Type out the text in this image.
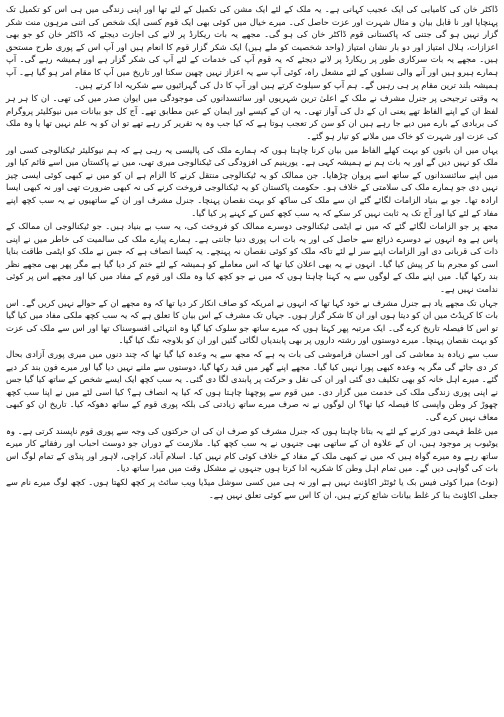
ڈاکٹر خان کی کامیابی کی ایک عجیب کہانی ہے۔ یہ ملک کے لئے ایک مشن کی تکمیل کے لئے تھا اور اپنی زندگی میں ہی اس کو تکمیل تک پہنچایا اور نا قابل بیان و مثال شہرت اور عزت حاصل کی۔ میرے خیال میں کوئی بھی ایک قوم کسی ایک شخص کی اتنی مرہون منت شکر گزار نہیں ہو گی جتنی کہ پاکستانی قوم ڈاکٹر خان کی ہو گی۔ مجھے یہ بات ریکارڈ پر لانے کی اجازت دیجئے کہ ڈاکٹر خان کو جو بھی اعزازات، ہلال امتیاز اور دو بار نشان امتیاز (واحد شخصیت کو ملے ہیں) ایک شکر گزار قوم کا انعام ہیں اور آپ اس کے پوری طرح مستحق ہیں۔ مجھے یہ بات سرکاری طور پر ریکارڈ پر لانے دیجئے کہ یہ قوم آپ کی خدمات کے لئے آپ کی شکر گزار ہے اور ہمیشہ رہے گی۔ آپ ہمارے ہیرو ہیں اور آنے والی نسلوں کے لئے مشعل راہ، کوئی آپ سے یہ اعزاز نہیں چھین سکتا اور تاریخ میں آپ کا مقام امر ہو گیا ہے۔ آپ ہمیشہ بلند ترین مقام پر ہی رہیں گے۔ ہم آپ کو سیلوٹ کرتے ہیں اور آپ کا دل کی گہرائیوں سے شکریہ ادا کرتے ہیں۔

یہ وقتی ترجیحی پر جنرل مشرف نے ملک کے اعلیٰ ترین شہریوں اور سائنسدانوں کی موجودگی میں ایوان صدر میں کی تھی۔ ان کا ہر ہر لفظ ان کے اپنے الفاظ تھے یعنی ان کے دل کی آواز تھی۔ یہ ان کے کیسے اور ایمان کے عین مطابق تھے۔ آج کل جو بیانات میں نیوکلیئر پروگرام کی بربادی کے بارے میں دیے جا رہے ہیں ان کو سن کر تعجب ہوتا ہے کہ کیا جب وہ یہ تقریر کر رہے تھے تو ان کو یہ علم نہیں تھا یا وہ ملک کی عزت اور شہرت کو خاک میں ملانے کو تیار ہو گئے۔

یہاں میں ان باتوں کو بہت کھلے الفاظ میں بیان کرنا چاہتا ہوں کہ ہمارے ملک کی پالیسی یہ رہی ہے کہ ہم نیوکلیئر ٹیکنالوجی کسی اور ملک کو نہیں دیں گے اور یہ بات ہم نے ہمیشہ کہی ہے۔ یورینیم کی افزودگی کی ٹیکنالوجی میری تھی، میں نے پاکستان میں اسے قائم کیا اور میں اپنے سائنسدانوں کے ساتھ اسے پروان چڑھایا۔ جن ممالک کو یہ ٹیکنالوجی منتقل کرنے کا الزام ہے ان کو میں نے کبھی کوئی ایسی چیز نہیں دی جو ہمارے ملک کی سلامتی کے خلاف ہو۔ حکومت پاکستان کو یہ ٹیکنالوجی فروخت کرنے کی نہ کبھی ضرورت تھی اور نہ کبھی ایسا ارادہ تھا۔ جو بے بنیاد الزامات لگائے گئے ان سے ملک کی ساکھ کو بہت نقصان پہنچا۔ جنرل مشرف اور ان کے ساتھیوں نے یہ سب کچھ اپنے مفاد کے لئے کیا اور آج تک یہ ثابت نہیں کر سکے کہ یہ سب کچھ کس کے کہنے پر کیا گیا۔

مجھ پر جو الزامات لگائے گئے کہ میں نے ایٹمی ٹیکنالوجی دوسرے ممالک کو فروخت کی، یہ سب بے بنیاد ہیں۔ جو ٹیکنالوجی ان ممالک کے پاس ہے وہ انہوں نے دوسرے ذرائع سے حاصل کی اور یہ بات اب پوری دنیا جانتی ہے۔ ہمارے پیارے ملک کی سالمیت کی خاطر میں نے اپنی ذات کی قربانی دی اور الزامات اپنے سر لے لئے تاکہ ملک کو کوئی نقصان نہ پہنچے۔ یہ کیسا انصاف ہے کہ جس نے ملک کو ایٹمی طاقت بنایا اسی کو مجرم بنا کر پیش کیا گیا۔ انہوں نے یہ بھی اعلان کیا تھا کہ اس معاملے کو ہمیشہ کے لئے ختم کر دیا گیا ہے مگر پھر بھی مجھے نظر بند رکھا گیا۔ میں اپنے ملک کے لوگوں سے یہ کہنا چاہتا ہوں کہ میں نے جو کچھ کیا وہ ملک اور قوم کے مفاد میں کیا اور مجھے اس پر کوئی ندامت نہیں ہے۔

جہاں تک مجھے یاد ہے جنرل مشرف نے خود کہا تھا کہ انہوں نے امریکہ کو صاف انکار کر دیا تھا کہ وہ مجھے ان کے حوالے نہیں کریں گے۔ اس بات کا کریڈٹ میں ان کو دیتا ہوں اور ان کا شکر گزار ہوں۔ جہاں تک مشرف کے اس بیان کا تعلق ہے کہ یہ سب کچھ ملکی مفاد میں کیا گیا تو اس کا فیصلہ تاریخ کرے گی۔ ایک مرتبہ پھر کہتا ہوں کہ میرے ساتھ جو سلوک کیا گیا وہ انتہائی افسوسناک تھا اور اس سے ملک کی عزت کو بہت نقصان پہنچا۔ میرے دوستوں اور رشتہ داروں پر بھی پابندیاں لگائی گئیں اور ان کو بلاوجہ تنگ کیا گیا۔

سب سے زیادہ بد معاشی کی اور احسان فراموشی کی بات یہ ہے کہ مجھ سے یہ وعدہ کیا گیا تھا کہ چند دنوں میں میری پوری آزادی بحال کر دی جائے گی مگر یہ وعدہ کبھی پورا نہیں کیا گیا۔ مجھے اپنے گھر میں قید رکھا گیا، دوستوں سے ملنے نہیں دیا گیا اور میرے فون بند کر دیے گئے۔ میرے اہل خانہ کو بھی تکلیف دی گئی اور ان کی نقل و حرکت پر پابندی لگا دی گئی۔ یہ سب کچھ ایک ایسے شخص کے ساتھ کیا گیا جس نے اپنی پوری زندگی ملک کی خدمت میں گزار دی۔ میں قوم سے پوچھنا چاہتا ہوں کہ کیا یہ انصاف ہے؟ کیا اسی لئے میں نے اپنا سب کچھ چھوڑ کر وطن واپسی کا فیصلہ کیا تھا؟ ان لوگوں نے نہ صرف میرے ساتھ زیادتی کی بلکہ پوری قوم کے ساتھ دھوکہ کیا۔ تاریخ ان کو کبھی معاف نہیں کرے گی۔

میں غلط فہمی دور کرنے کے لئے یہ بتانا چاہتا ہوں کہ جنرل مشرف کو صرف ان کی ان حرکتوں کی وجہ سے پوری قوم ناپسند کرتی ہے۔ وہ یوٹیوب پر موجود ہیں، ان کے علاوہ ان کے ساتھی بھی جنہوں نے یہ سب کچھ کیا۔ ملازمت کے دوران جو دوست احباب اور رفقائے کار میرے ساتھ رہے وہ میرے گواہ ہیں کہ میں نے کبھی ملک کے مفاد کے خلاف کوئی کام نہیں کیا۔ اسلام آباد، کراچی، لاہور اور پنڈی کے تمام لوگ اس بات کی گواہی دیں گے۔ میں تمام اہل وطن کا شکریہ ادا کرتا ہوں جنہوں نے مشکل وقت میں میرا ساتھ دیا۔

(نوٹ) میرا کوئی فیس بک یا ٹوئٹر اکاؤنٹ نہیں ہے اور نہ ہی میں کسی سوشل میڈیا ویب سائٹ پر کچھ لکھتا ہوں۔ کچھ لوگ میرے نام سے جعلی اکاؤنٹ بنا کر غلط بیانات شائع کرتے ہیں، ان کا اس سے کوئی تعلق نہیں ہے۔
